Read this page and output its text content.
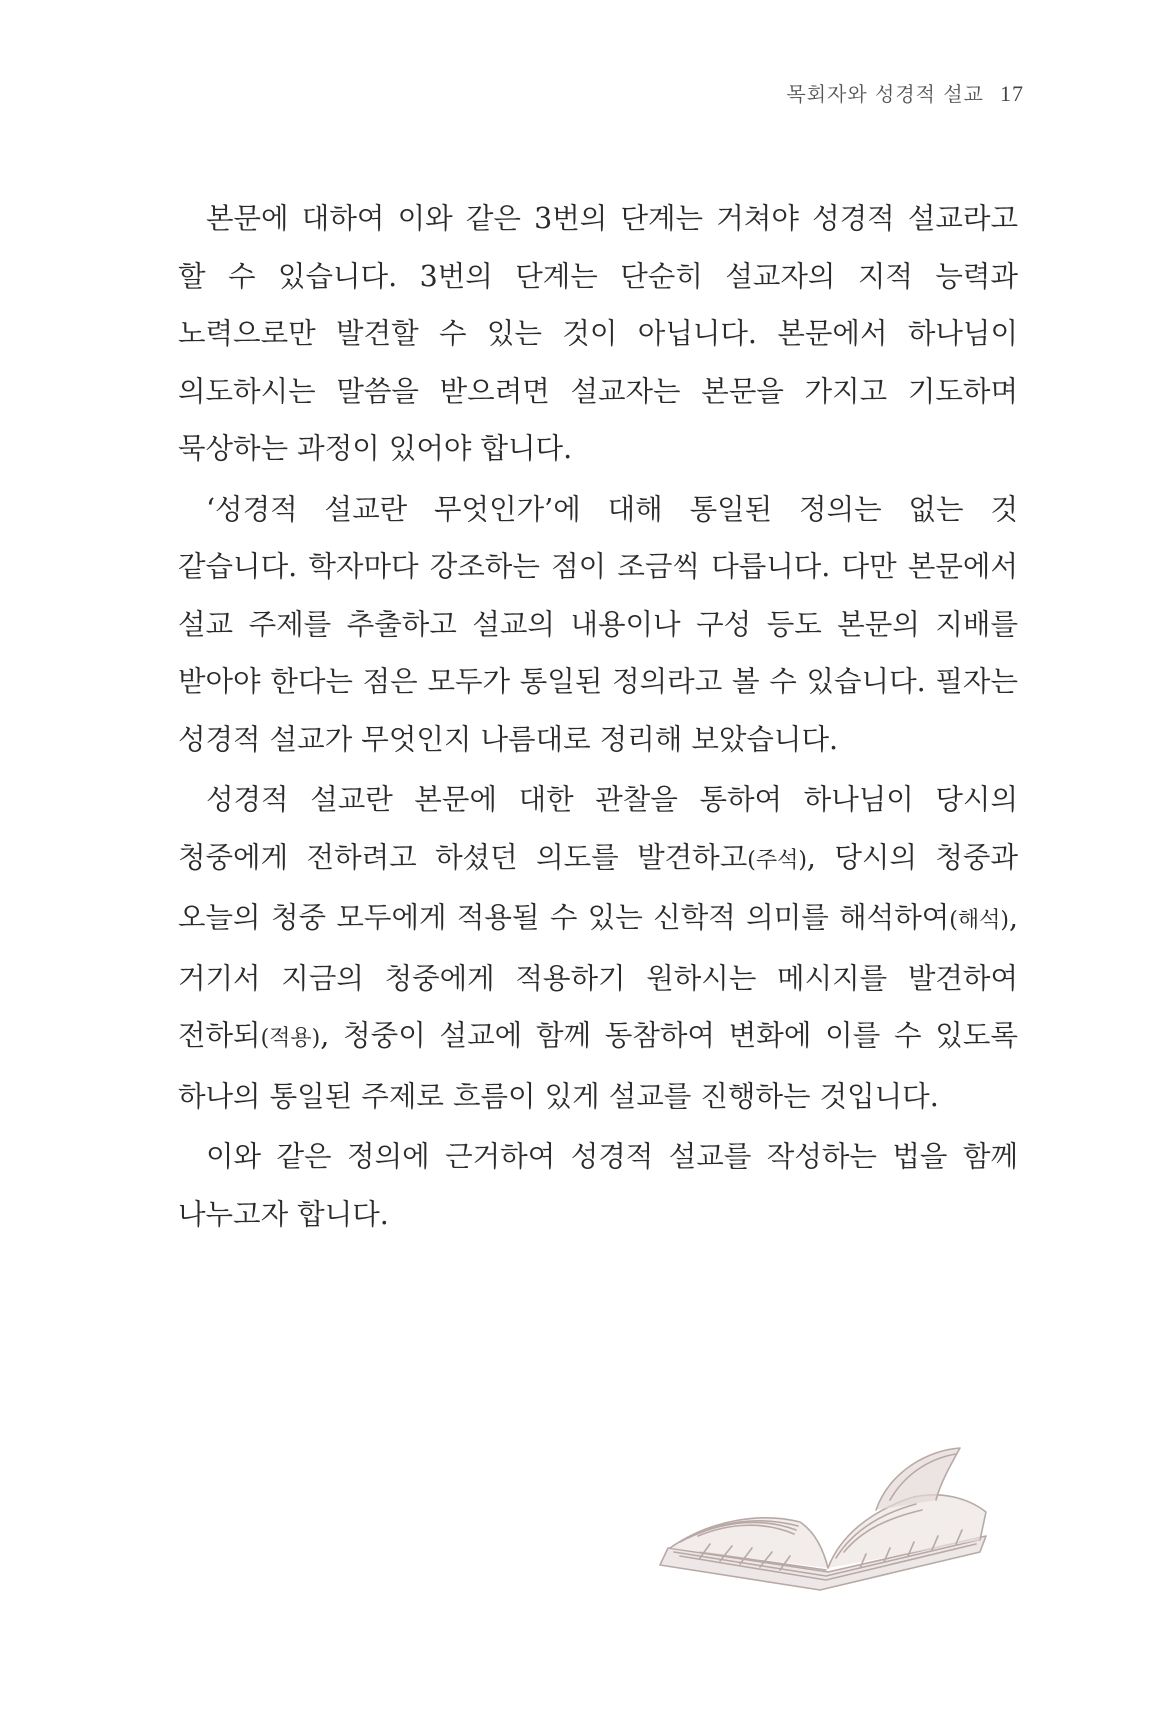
목회자와 성경적 설교 17

본문에 대하여 이와 같은 3번의 단계는 거쳐야 성경적 설교라고 할 수 있습니다. 3번의 단계는 단순히 설교자의 지적 능력과 노력으로만 발견할 수 있는 것이 아닙니다. 본문에서 하나님이 의도하시는 말씀을 받으려면 설교자는 본문을 가지고 기도하며 묵상하는 과정이 있어야 합니다.

‘성경적 설교란 무엇인가’에 대해 통일된 정의는 없는 것 같습니다. 학자마다 강조하는 점이 조금씩 다릅니다. 다만 본문에서 설교 주제를 추출하고 설교의 내용이나 구성 등도 본문의 지배를 받아야 한다는 점은 모두가 통일된 정의라고 볼 수 있습니다. 필자는 성경적 설교가 무엇인지 나름대로 정리해 보았습니다.

성경적 설교란 본문에 대한 관찰을 통하여 하나님이 당시의 청중에게 전하려고 하셨던 의도를 발견하고(주석), 당시의 청중과 오늘의 청중 모두에게 적용될 수 있는 신학적 의미를 해석하여(해석), 거기서 지금의 청중에게 적용하기 원하시는 메시지를 발견하여 전하되(적용), 청중이 설교에 함께 동참하여 변화에 이를 수 있도록 하나의 통일된 주제로 흐름이 있게 설교를 진행하는 것입니다.

이와 같은 정의에 근거하여 성경적 설교를 작성하는 법을 함께 나누고자 합니다.
